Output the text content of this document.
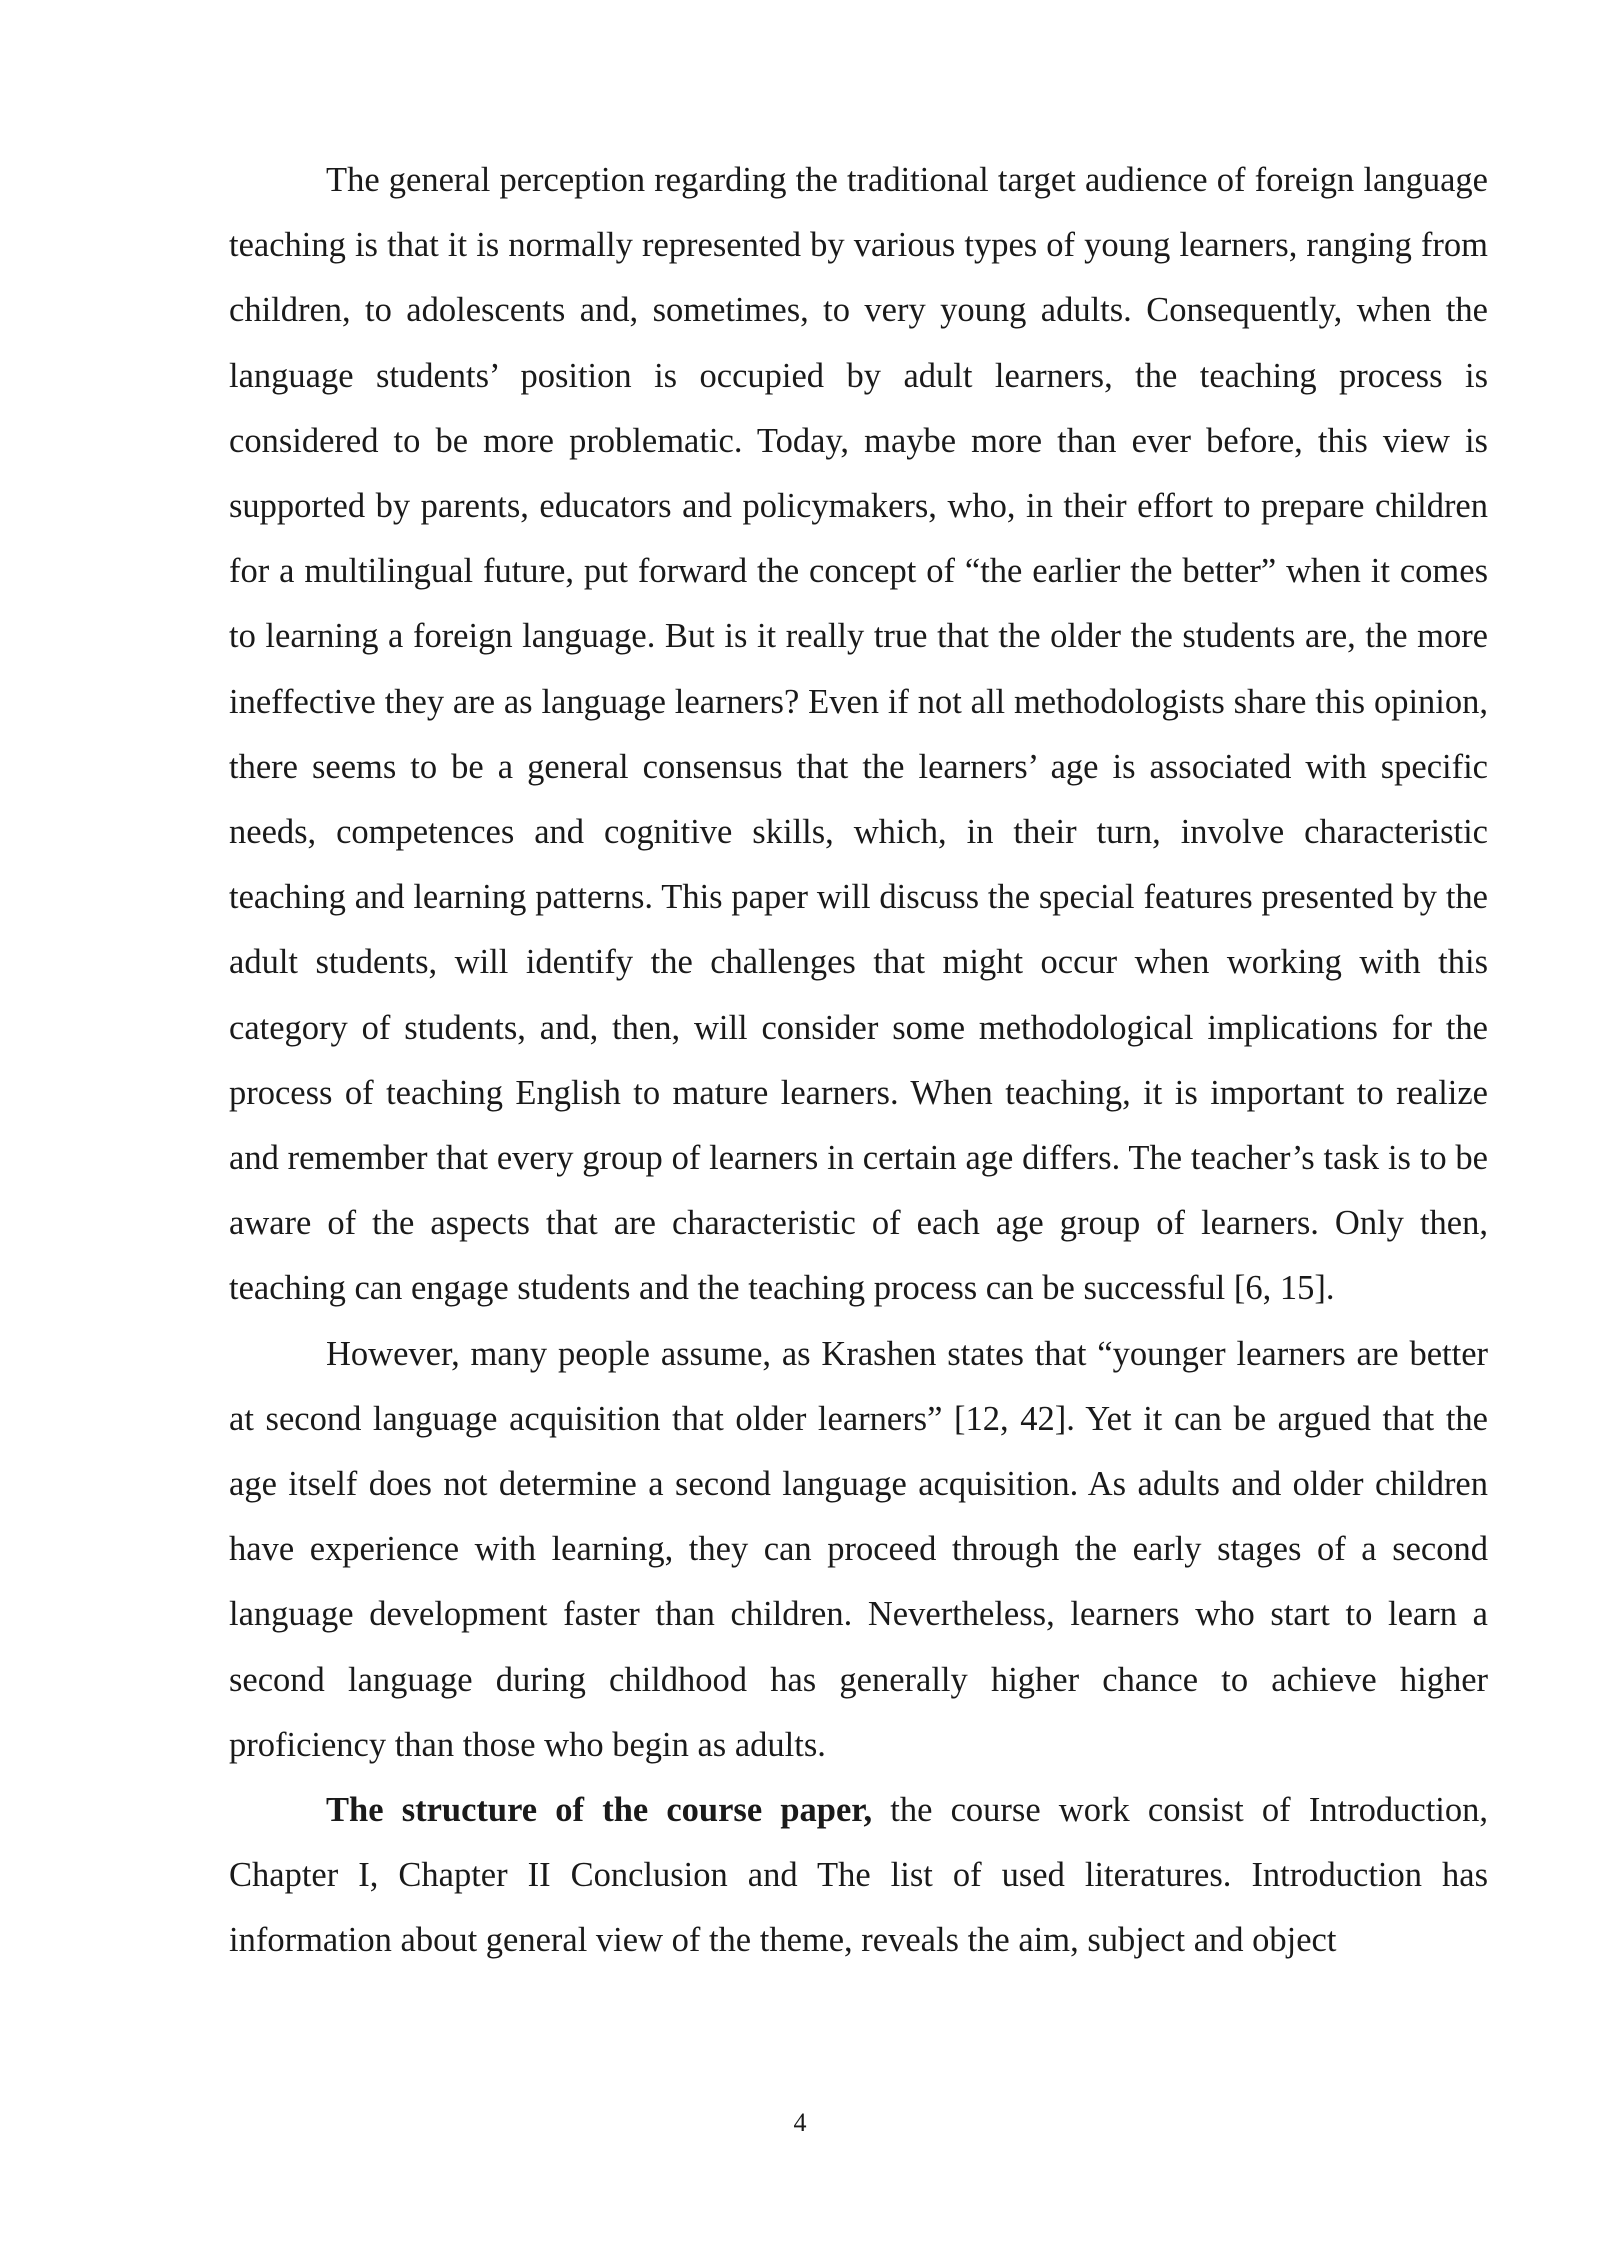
The general perception regarding the traditional target audience of foreign language teaching is that it is normally represented by various types of young learners, ranging from children, to adolescents and, sometimes, to very young adults. Consequently, when the language students’ position is occupied by adult learners, the teaching process is considered to be more problematic. Today, maybe more than ever before, this view is supported by parents, educators and policymakers, who, in their effort to prepare children for a multilingual future, put forward the concept of “the earlier the better” when it comes to learning a foreign language. But is it really true that the older the students are, the more ineffective they are as language learners? Even if not all methodologists share this opinion, there seems to be a general consensus that the learners’ age is associated with specific needs, competences and cognitive skills, which, in their turn, involve characteristic teaching and learning patterns. This paper will discuss the special features presented by the adult students, will identify the challenges that might occur when working with this category of students, and, then, will consider some methodological implications for the process of teaching English to mature learners. When teaching, it is important to realize and remember that every group of learners in certain age differs. The teacher’s task is to be aware of the aspects that are characteristic of each age group of learners. Only then, teaching can engage students and the teaching process can be successful [6, 15].

However, many people assume, as Krashen states that “younger learners are better at second language acquisition that older learners” [12, 42]. Yet it can be argued that the age itself does not determine a second language acquisition. As adults and older children have experience with learning, they can proceed through the early stages of a second language development faster than children. Nevertheless, learners who start to learn a second language during childhood has generally higher chance to achieve higher proficiency than those who begin as adults.

The structure of the course paper, the course work consist of Introduction, Chapter I, Chapter II Conclusion and The list of used literatures. Introduction has information about general view of the theme, reveals the aim, subject and object

4
